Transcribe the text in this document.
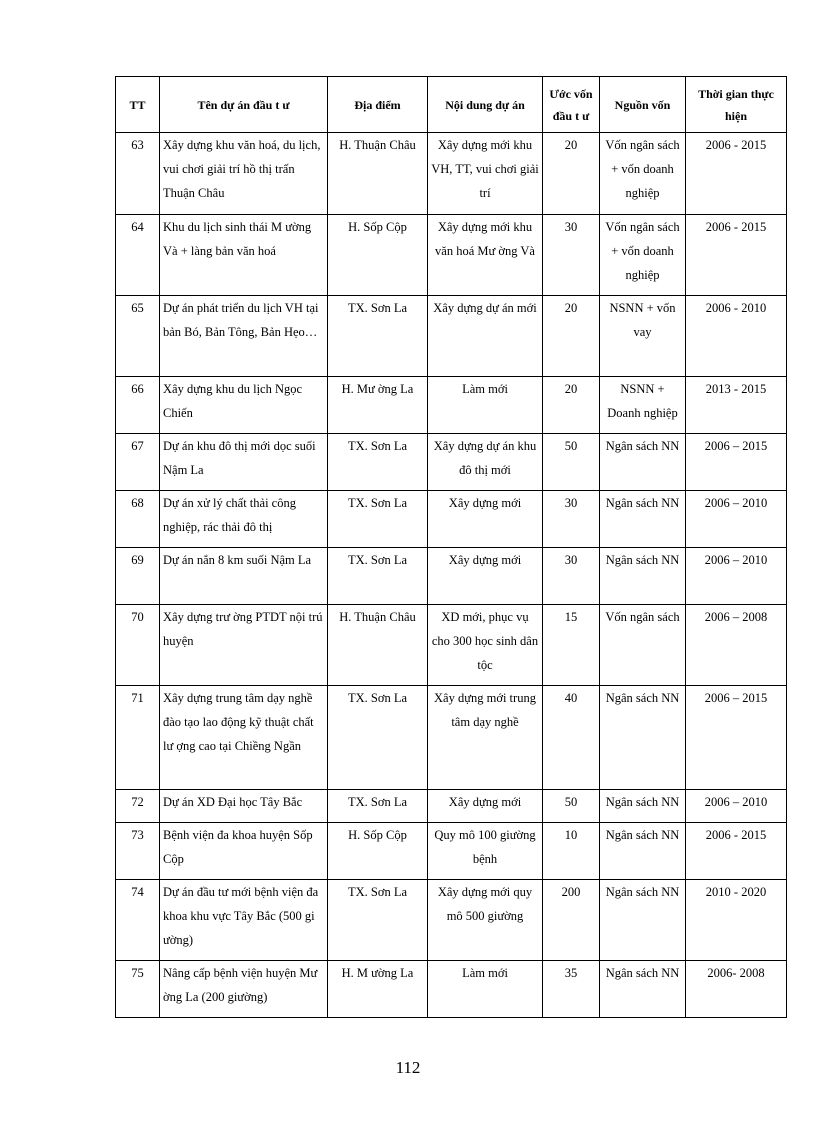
TT	Tên dự án đầu t ư	Địa điểm	Nội dung dự án	Ước vốn đầu t ư	Nguồn vốn	Thời gian thực hiện
63	Xây dựng khu văn hoá, du lịch, vui chơi giải trí hồ thị trấn Thuận Châu	H. Thuận Châu	Xây dựng mới khu VH, TT, vui chơi giải trí	20	Vốn ngân sách + vốn doanh nghiệp	2006 - 2015
64	Khu du lịch sinh thái M ường Và + làng bản văn hoá	H. Sốp Cộp	Xây dựng mới khu văn hoá Mư ờng Và	30	Vốn ngân sách + vốn doanh nghiệp	2006 - 2015
65	Dự án phát triển du lịch VH tại bản Bó, Bản Tông, Bản Hẹo…	TX. Sơn La	Xây dựng dự án mới	20	NSNN + vốn vay	2006 - 2010
66	Xây dựng khu du lịch Ngọc Chiến	H. Mư ờng La	Làm mới	20	NSNN + Doanh nghiệp	2013 - 2015
67	Dự án khu đô thị mới dọc suối Nậm La	TX. Sơn La	Xây dựng dự án khu đô thị mới	50	Ngân sách NN	2006 – 2015
68	Dự án xử lý chất thải công nghiệp, rác thải đô thị	TX. Sơn La	Xây dựng mới	30	Ngân sách NN	2006 – 2010
69	Dự án nắn 8 km suối Nậm La	TX. Sơn La	Xây dựng mới	30	Ngân sách NN	2006 – 2010
70	Xây dựng trư ờng PTDT nội trú huyện	H. Thuận Châu	XD mới, phục vụ cho 300 học sinh dân tộc	15	Vốn ngân sách	2006 – 2008
71	Xây dựng trung tâm dạy nghề đào tạo lao động kỹ thuật chất lư ợng cao tại Chiềng Ngần	TX. Sơn La	Xây dựng mới trung tâm dạy nghề	40	Ngân sách NN	2006 – 2015
72	Dự án XD Đại học Tây Bắc	TX. Sơn La	Xây dựng mới	50	Ngân sách NN	2006 – 2010
73	Bệnh viện đa khoa huyện Sốp Cộp	H. Sốp Cộp	Quy mô 100 giường bệnh	10	Ngân sách NN	2006 - 2015
74	Dự án đầu tư mới bệnh viện đa khoa khu vực Tây Bắc (500 gi ường)	TX. Sơn La	Xây dựng mới quy mô 500 giường	200	Ngân sách NN	2010 - 2020
75	Nâng cấp bệnh viện huyện Mư ờng La (200 giường)	H. M ường La	Làm mới	35	Ngân sách NN	2006- 2008
112
